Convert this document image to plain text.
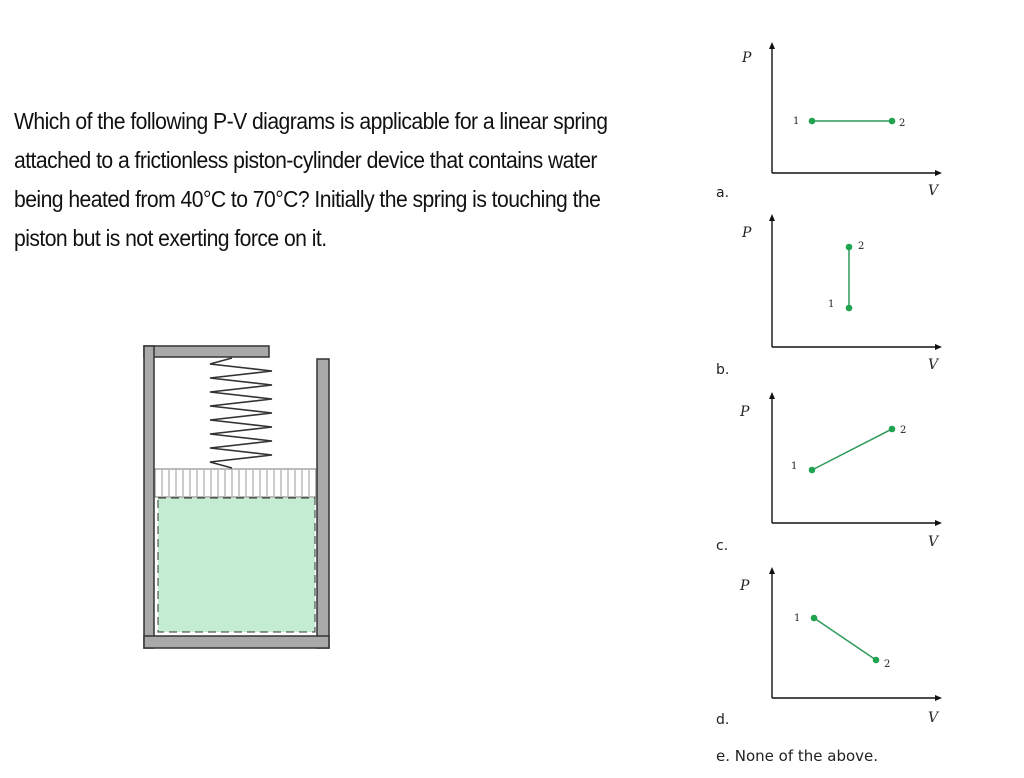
Which of the following P-V diagrams is applicable for a linear spring
attached to a frictionless piston-cylinder device that contains water
being heated from 40°C to 70°C? Initially the spring is touching the
piston but is not exerting force on it.
a.
P
V
1	2
b.
P
V
2
1
c.
P
V
1
2
d.
P
V
1
2
e. None of the above.
